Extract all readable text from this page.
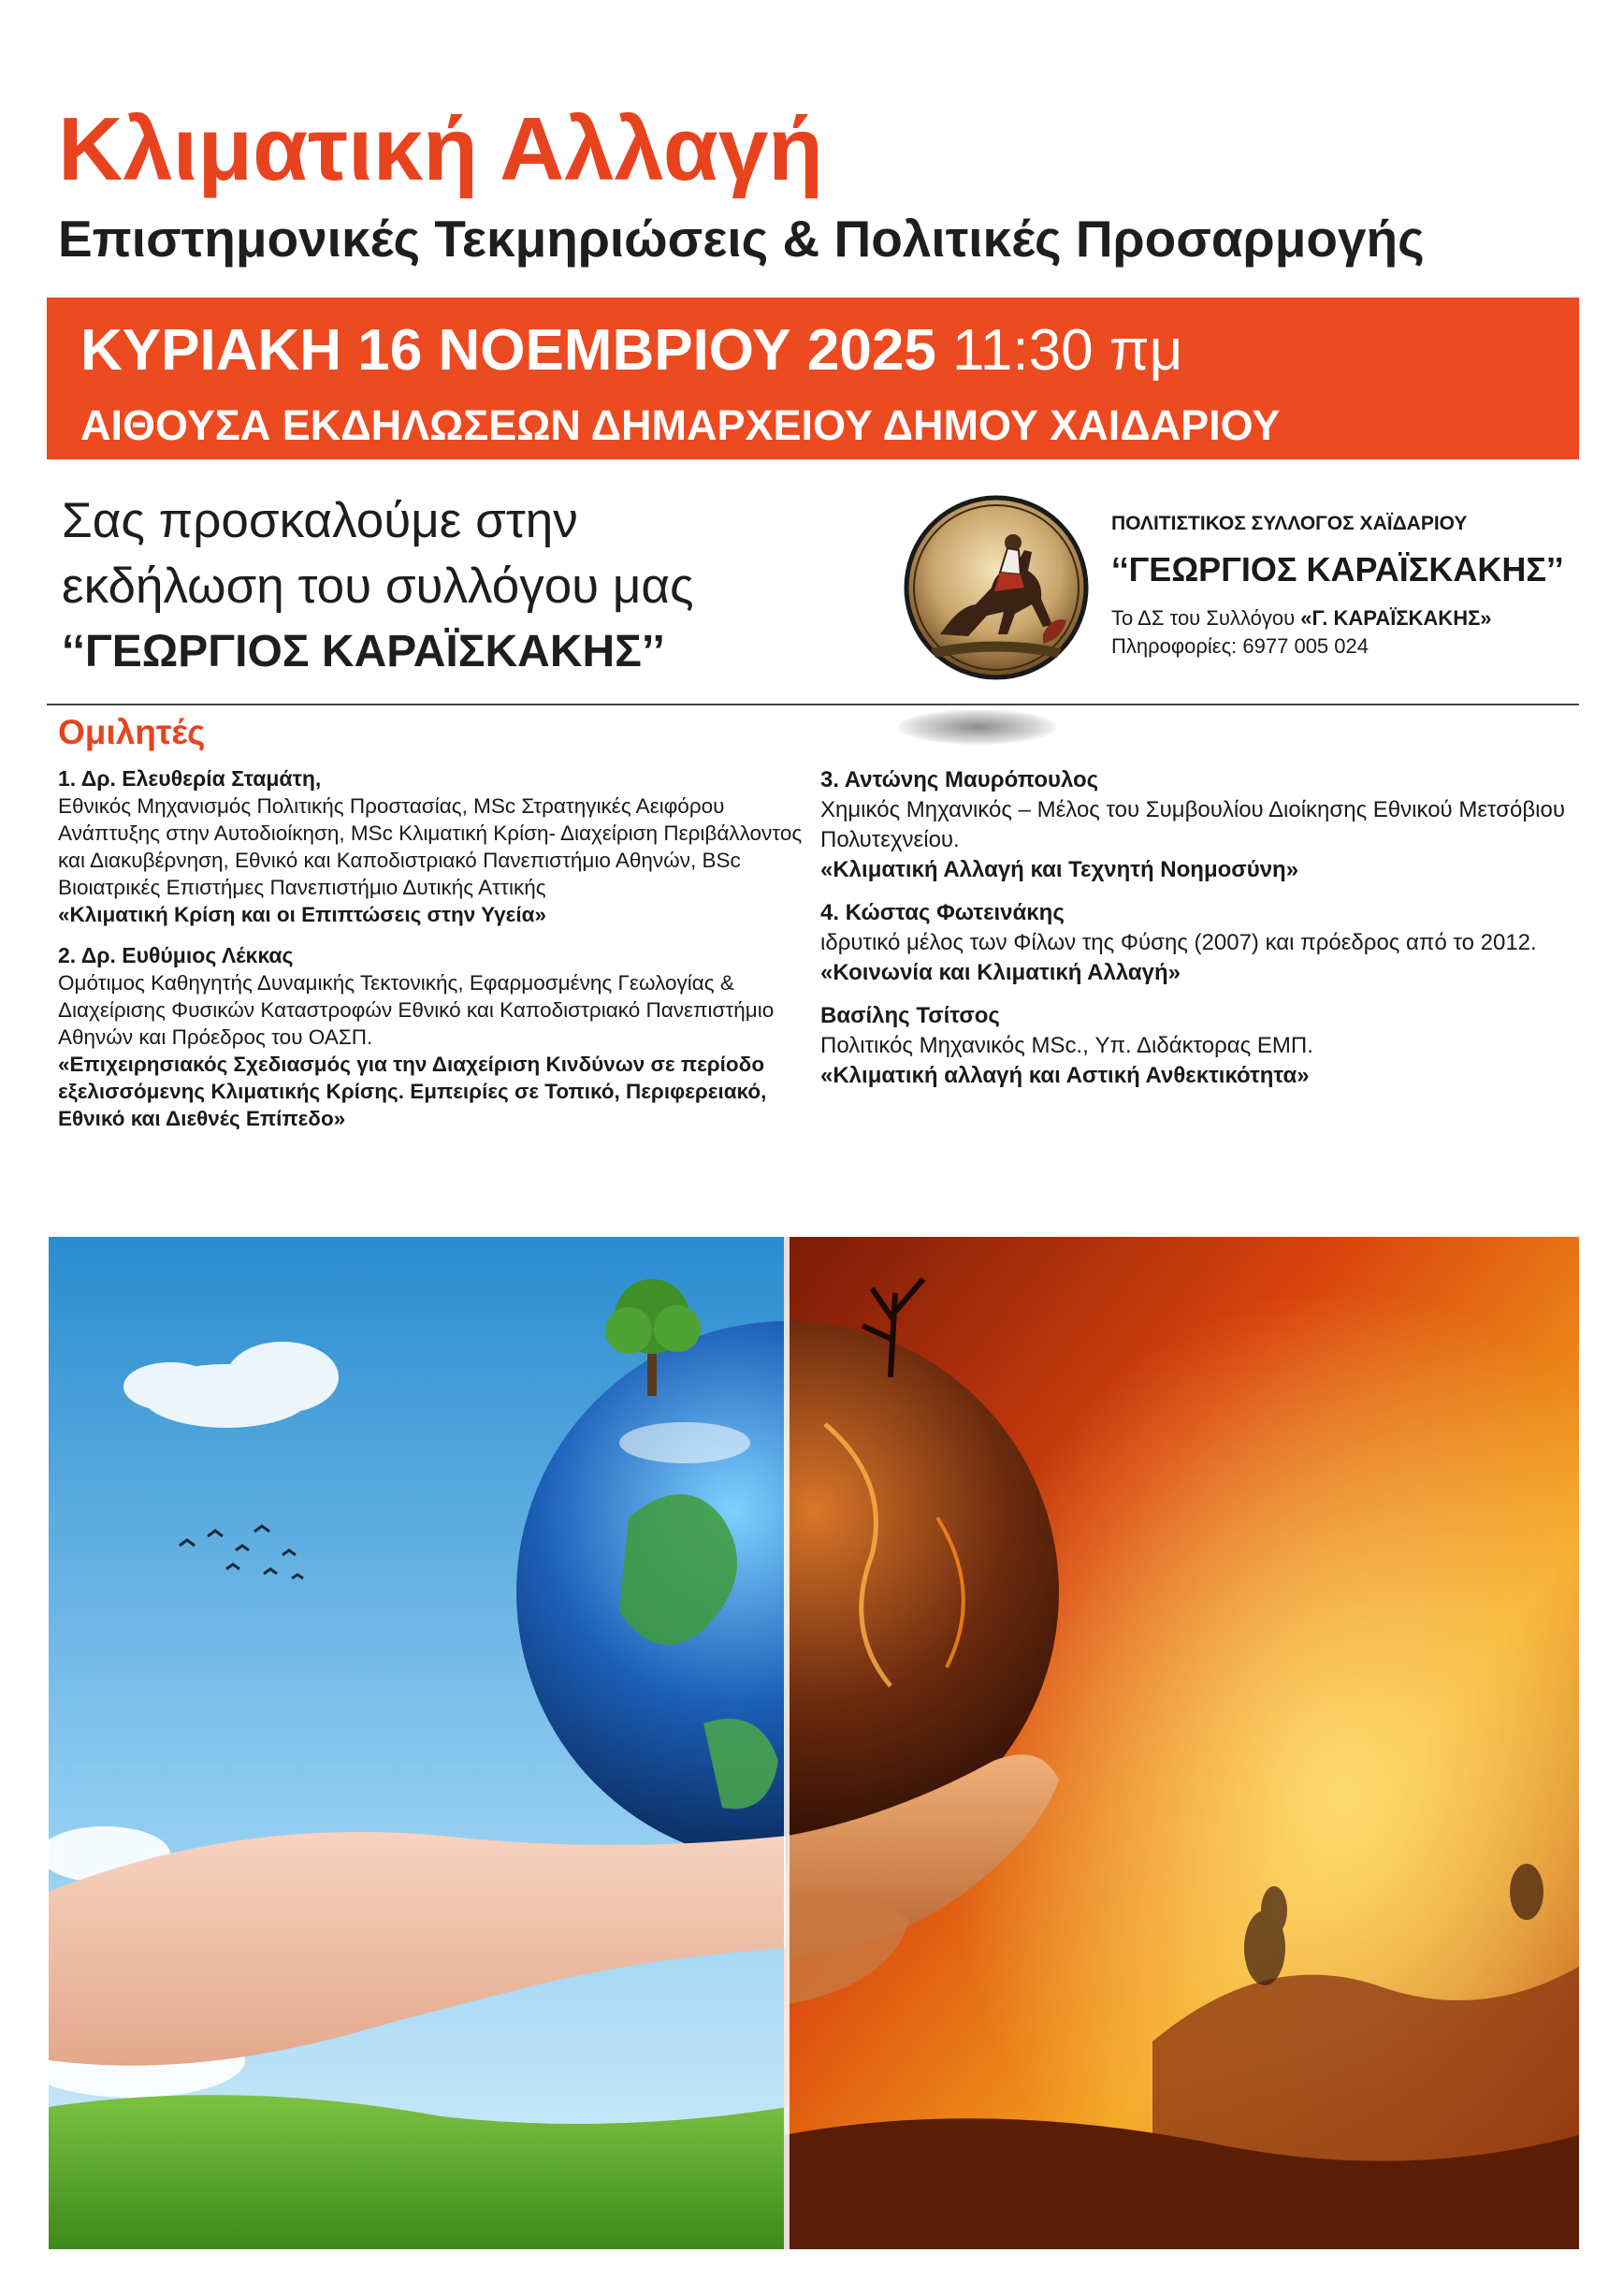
Κλιματική Αλλαγή
Επιστημονικές Τεκμηριώσεις & Πολιτικές Προσαρμογής
ΚΥΡΙΑΚΗ 16 ΝΟΕΜΒΡΙΟΥ 2025 11:30 πμ
ΑΙΘΟΥΣΑ ΕΚΔΗΛΩΣΕΩΝ ΔΗΜΑΡΧΕΙΟΥ ΔΗΜΟΥ ΧΑΙΔΑΡΙΟΥ
Σας προσκαλούμε στην
εκδήλωση του συλλόγου μας
‘‘ΓΕΩΡΓΙΟΣ ΚΑΡΑΪΣΚΑΚΗΣ’’
ΠΟΛΙΤΙΣΤΙΚΟΣ ΣΥΛΛΟΓΟΣ ΧΑΪΔΑΡΙΟΥ
‘‘ΓΕΩΡΓΙΟΣ ΚΑΡΑΪΣΚΑΚΗΣ’’
Το ΔΣ του Συλλόγου «Γ. ΚΑΡΑΪΣΚΑΚΗΣ»
Πληροφορίες: 6977 005 024
Ομιλητές
1. Δρ. Ελευθερία Σταμάτη,
Εθνικός Μηχανισμός Πολιτικής Προστασίας, MSc Στρατηγικές Αειφόρου Ανάπτυξης στην Αυτοδιοίκηση, MSc Κλιματική Κρίση- Διαχείριση Περιβάλλοντος και Διακυβέρνηση, Εθνικό και Καποδιστριακό Πανεπιστήμιο Αθηνών, BSc Βιοιατρικές Επιστήμες Πανεπιστήμιο Δυτικής Αττικής
«Κλιματική Κρίση και οι Επιπτώσεις στην Υγεία»
2. Δρ. Ευθύμιος Λέκκας
Ομότιμος Καθηγητής Δυναμικής Τεκτονικής, Εφαρμοσμένης Γεωλογίας & Διαχείρισης Φυσικών Καταστροφών Εθνικό και Καποδιστριακό Πανεπιστήμιο Αθηνών και Πρόεδρος του ΟΑΣΠ.
«Επιχειρησιακός Σχεδιασμός για την Διαχείριση Κινδύνων σε περίοδο εξελισσόμενης Κλιματικής Κρίσης. Εμπειρίες σε Τοπικό, Περιφερειακό, Εθνικό και Διεθνές Επίπεδο»
3. Αντώνης Μαυρόπουλος
Χημικός Μηχανικός – Μέλος του Συμβουλίου Διοίκησης Εθνικού Μετσόβιου Πολυτεχνείου.
«Κλιματική Αλλαγή και Τεχνητή Νοημοσύνη»
4. Κώστας Φωτεινάκης
ιδρυτικό μέλος των Φίλων της Φύσης (2007) και πρόεδρος από το 2012.
«Κοινωνία και Κλιματική Αλλαγή»
Βασίλης Τσίτσος
Πολιτικός Μηχανικός MSc., Υπ. Διδάκτορας ΕΜΠ.
«Κλιματική αλλαγή και Αστική Ανθεκτικότητα»
